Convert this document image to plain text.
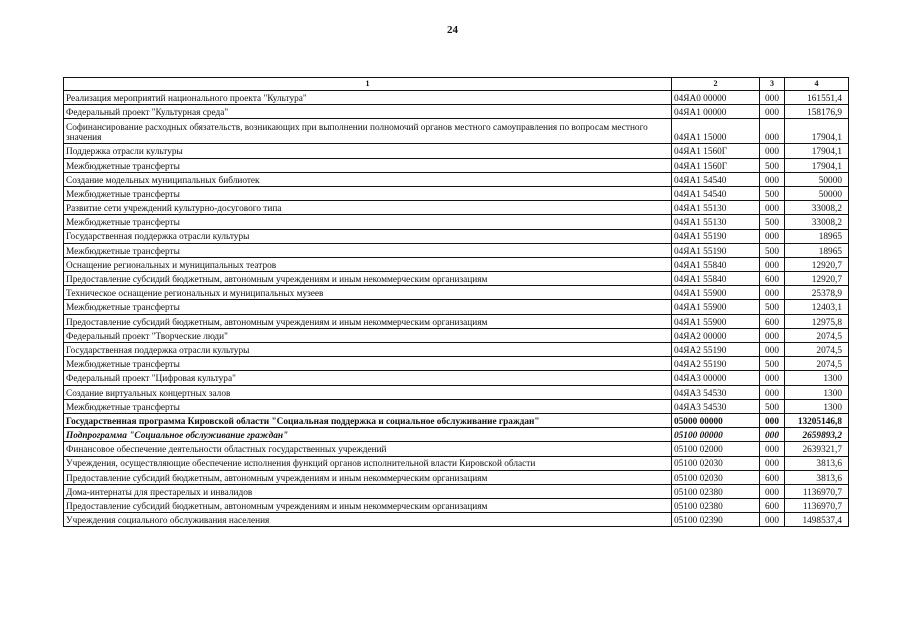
24
1	2	3	4
Реализация мероприятий национального проекта "Культура"	04ЯА0 00000	000	161551,4
Федеральный проект "Культурная среда"	04ЯА1 00000	000	158176,9
Софинансирование расходных обязательств, возникающих при выполнении полномочий органов местного самоуправления по вопросам местного значения	04ЯА1 15000	000	17904,1
Поддержка отрасли культуры	04ЯА1 1560Г	000	17904,1
Межбюджетные трансферты	04ЯА1 1560Г	500	17904,1
Создание модельных муниципальных библиотек	04ЯА1 54540	000	50000
Межбюджетные трансферты	04ЯА1 54540	500	50000
Развитие сети учреждений культурно-досугового типа	04ЯА1 55130	000	33008,2
Межбюджетные трансферты	04ЯА1 55130	500	33008,2
Государственная поддержка отрасли культуры	04ЯА1 55190	000	18965
Межбюджетные трансферты	04ЯА1 55190	500	18965
Оснащение региональных и муниципальных театров	04ЯА1 55840	000	12920,7
Предоставление субсидий бюджетным, автономным учреждениям и иным некоммерческим организациям	04ЯА1 55840	600	12920,7
Техническое оснащение региональных и муниципальных музеев	04ЯА1 55900	000	25378,9
Межбюджетные трансферты	04ЯА1 55900	500	12403,1
Предоставление субсидий бюджетным, автономным учреждениям и иным некоммерческим организациям	04ЯА1 55900	600	12975,8
Федеральный проект "Творческие люди"	04ЯА2 00000	000	2074,5
Государственная поддержка отрасли культуры	04ЯА2 55190	000	2074,5
Межбюджетные трансферты	04ЯА2 55190	500	2074,5
Федеральный проект "Цифровая культура"	04ЯА3 00000	000	1300
Создание виртуальных концертных залов	04ЯА3 54530	000	1300
Межбюджетные трансферты	04ЯА3 54530	500	1300
Государственная программа Кировской области "Социальная поддержка и социальное обслуживание граждан"	05000 00000	000	13205146,8
Подпрограмма "Социальное обслуживание граждан"	05100 00000	000	2659893,2
Финансовое обеспечение деятельности областных государственных учреждений	05100 02000	000	2639321,7
Учреждения, осуществляющие обеспечение исполнения функций органов исполнительной власти Кировской области	05100 02030	000	3813,6
Предоставление субсидий бюджетным, автономным учреждениям и иным некоммерческим организациям	05100 02030	600	3813,6
Дома-интернаты для престарелых и инвалидов	05100 02380	000	1136970,7
Предоставление субсидий бюджетным, автономным учреждениям и иным некоммерческим организациям	05100 02380	600	1136970,7
Учреждения социального обслуживания населения	05100 02390	000	1498537,4
